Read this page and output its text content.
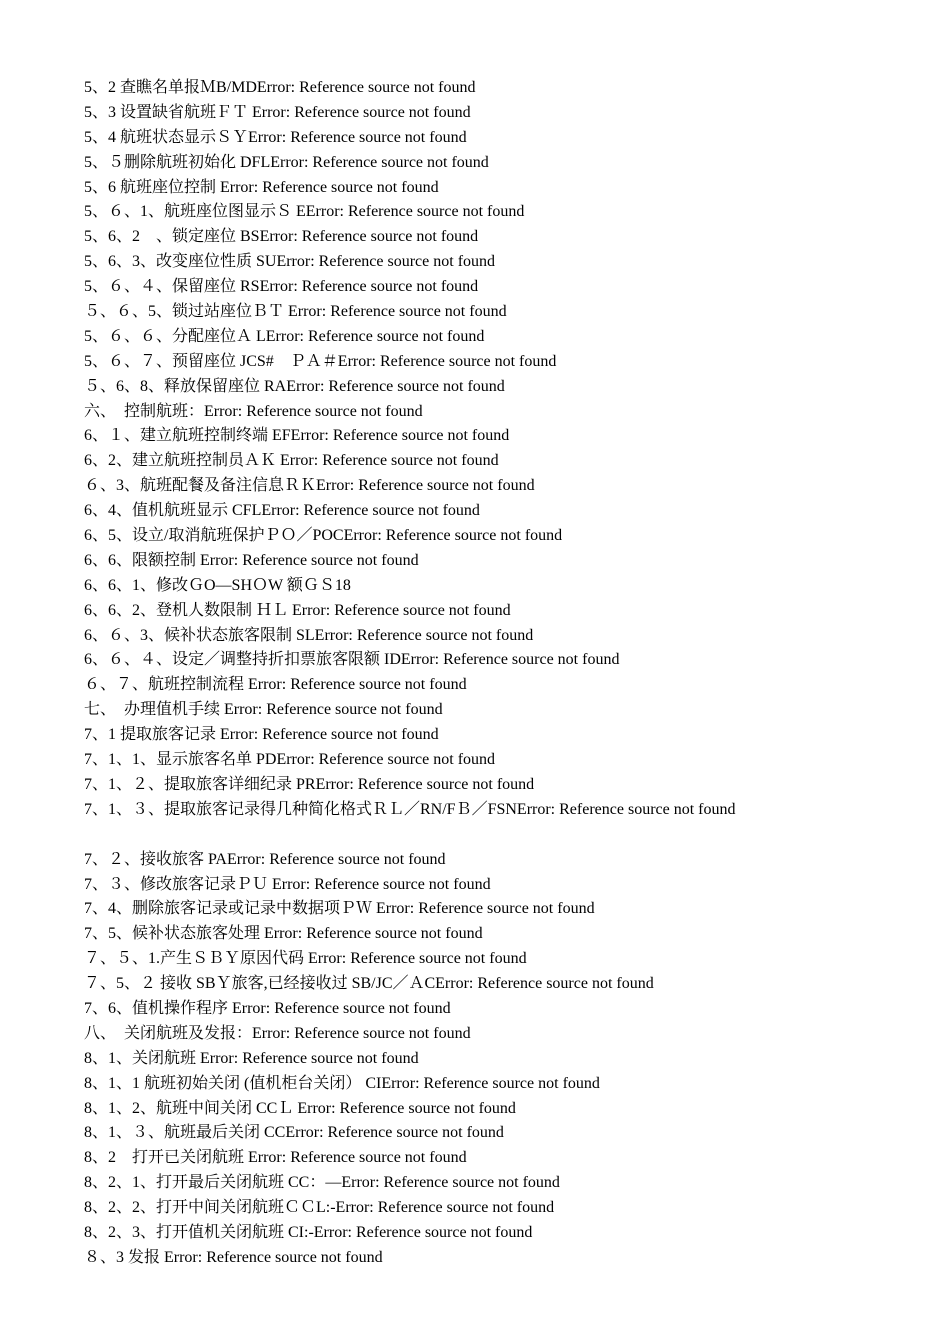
5、2 查瞧名单报ＭB/MDError: Reference source not found
5、3 设置缺省航班ＦＴ Error: Reference source not found
5、4 航班状态显示ＳＹError: Reference source not found
5、５删除航班初始化 DFLError: Reference source not found
5、6 航班座位控制 Error: Reference source not found
5、６、1、航班座位图显示Ｓ EError: Reference source not found
5、6、2　、锁定座位 BSError: Reference source not found
5、6、3、改变座位性质 SUError: Reference source not found
5、６、４、保留座位 RSError: Reference source not found
５、６、5、锁过站座位ＢＴ Error: Reference source not found
5、６、６、分配座位Ａ LError: Reference source not found
5、６、７、预留座位 JCS#　ＰＡ＃Error: Reference source not found
５、6、8、释放保留座位 RAError: Reference source not found
六、　控制航班：Error: Reference source not found
6、１、建立航班控制终端 EFError: Reference source not found
6、2、建立航班控制员ＡＫ Error: Reference source not found
６、3、航班配餐及备注信息ＲＫError: Reference source not found
6、4、值机航班显示 CFLError: Reference source not found
6、5、设立/取消航班保护ＰＯ／POCError: Reference source not found
6、6、限额控制 Error: Reference source not found
6、6、1、修改ＧO—SHＯW 额ＧＳ18
6、6、2、登机人数限制 ＨＬ Error: Reference source not found
6、６、3、候补状态旅客限制 SLError: Reference source not found
6、６、４、设定／调整持折扣票旅客限额 IDError: Reference source not found
６、７、航班控制流程 Error: Reference source not found
七、　办理值机手续 Error: Reference source not found
7、1 提取旅客记录 Error: Reference source not found
7、1、1、显示旅客名单 PDError: Reference source not found
7、1、２、提取旅客详细纪录 PRError: Reference source not found
7、1、３、提取旅客记录得几种简化格式ＲＬ／RN/FＢ／FSNError: Reference source not found
7、２、接收旅客 PAError: Reference source not found
7、３、修改旅客记录ＰＵ Error: Reference source not found
7、4、删除旅客记录或记录中数据项ＰＷ Error: Reference source not found
7、5、候补状态旅客处理 Error: Reference source not found
７、５、1.产生ＳＢＹ原因代码 Error: Reference source not found
７、5、２ 接收 SBＹ旅客,已经接收过 SB/JC／ＡCError: Reference source not found
7、6、值机操作程序 Error: Reference source not found
八、　关闭航班及发报：Error: Reference source not found
8、1、关闭航班 Error: Reference source not found
8、1、1 航班初始关闭 (值机柜台关闭） CIError: Reference source not found
8、1、2、航班中间关闭 CCＬ Error: Reference source not found
8、1、３、航班最后关闭 CCError: Reference source not found
8、2　打开已关闭航班 Error: Reference source not found
8、2、1、打开最后关闭航班 CC：—Error: Reference source not found
8、2、2、打开中间关闭航班ＣＣL:-Error: Reference source not found
8、2、3、打开值机关闭航班 CI:-Error: Reference source not found
８、3 发报 Error: Reference source not found
